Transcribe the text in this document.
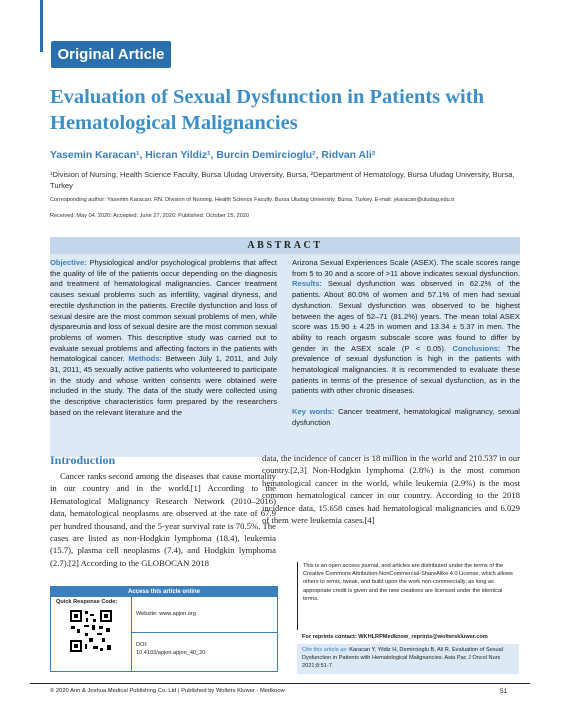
Original Article
Evaluation of Sexual Dysfunction in Patients with Hematological Malignancies
Yasemin Karacan¹, Hicran Yildiz¹, Burcin Demircioglu², Ridvan Ali²
¹Division of Nursing, Health Science Faculty, Bursa Uludag University, Bursa, ²Department of Hematology, Bursa Uludag University, Bursa, Turkey
Corresponding author: Yasemin Karacan. RN. Division of Nursing. Health Science Faculty. Bursa Uludag University. Bursa. Turkey. E-mail: ykaracan@uludag.edu.tr
Received: May 04. 2020: Accepted: June 27. 2020: Published: October 15. 2020
ABSTRACT
Objective: Physiological and/or psychological problems that affect the quality of life of the patients occur depending on the diagnosis and treatment of hematological malignancies. Cancer treatment causes sexual problems such as infertility, vaginal dryness, and erectile dysfunction in the patients. Erectile dysfunction and loss of sexual desire are the most common sexual problems of men, while dyspareunia and loss of sexual desire are the most common sexual problems of women. This descriptive study was carried out to evaluate sexual problems and affecting factors in the patients with hematological cancer. Methods: Between July 1, 2011, and July 31, 2011, 45 sexually active patients who volunteered to participate in the study and whose written consents were obtained were included in the study. The data of the study were collected using the descriptive characteristics form prepared by the researchers based on the relevant literature and the
Arizona Sexual Experiences Scale (ASEX). The scale scores range from 5 to 30 and a score of >11 above indicates sexual dysfunction. Results: Sexual dysfunction was observed in 62.2% of the patients. About 80.0% of women and 57.1% of men had sexual dysfunction. Sexual dysfunction was observed to be highest between the ages of 52–71 (81.2%) years. The mean total ASEX score was 15.90 ± 4.25 in women and 13.34 ± 5.37 in men. The ability to reach orgasm subscale score was found to differ by gender in the ASEX scale (P < 0.05). Conclusions: The prevalence of sexual dysfunction is high in the patients with hematological malignancies. It is recommended to evaluate these patients in terms of the presence of sexual dysfunction, as in the patients with other chronic diseases.
Key words: Cancer treatment, hematological malignancy, sexual dysfunction
Introduction
Cancer ranks second among the diseases that cause mortality in our country and in the world.[1] According to the Hematological Malignancy Research Network (2010–2016) data, hematological neoplasms are observed at the rate of 67.9 per hundred thousand, and the 5-year survival rate is 70.5%. The cases are listed as non-Hodgkin lymphoma (18.4), leukemia (15.7), plasma cell neoplasms (7.4), and Hodgkin lymphoma (2.7).[2] According to the GLOBOCAN 2018
data, the incidence of cancer is 18 million in the world and 210.537 in our country.[2,3] Non-Hodgkin lymphoma (2.8%) is the most common hematological cancer in the world, while leukemia (2.9%) is the most common hematological cancer in our country. According to the 2018 incidence data, 15.658 cases had hematological malignancies and 6.029 of them were leukemia cases.[4]
Access this article online
Quick Response Code:
Website: www.apjon.org
DOI:
10.4103/apjon.apjon_40_20
This is an open access journal, and articles are distributed under the terms of the Creative Commons Attribution-NonCommercial-ShareAlike 4.0 License, which allows others to remix, tweak, and build upon the work non-commercially, as long as appropriate credit is given and the new creations are licensed under the identical terms.
For reprints contact: WKHLRPMedknow_reprints@wolterskluwer.com
Cite this article as: Karacan Y, Yildiz H, Demircioglu B, Ali R. Evaluation of Sexual Dysfunction in Patients with Hematological Malignancies. Asia Pac J Oncol Nurs 2021;8:51-7.
© 2020 Ann & Joshua Medical Publishing Co. Ltd | Published by Wolters Kluwer - Medknow	51
